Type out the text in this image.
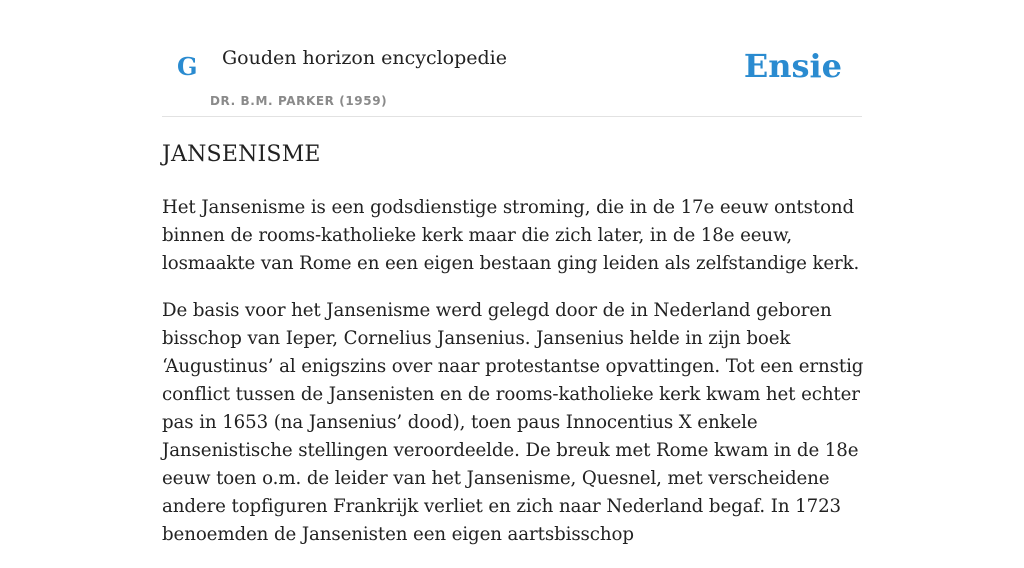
G Gouden horizon encyclopedie
DR. B.M. PARKER (1959)
Ensie
JANSENISME

Het Jansenisme is een godsdienstige stroming, die in de 17e eeuw ontstond binnen de rooms-katholieke kerk maar die zich later, in de 18e eeuw, losmaakte van Rome en een eigen bestaan ging leiden als zelfstandige kerk.

De basis voor het Jansenisme werd gelegd door de in Nederland geboren bisschop van Ieper, Cornelius Jansenius. Jansenius helde in zijn boek ‘Augustinus’ al enigszins over naar protestantse opvattingen. Tot een ernstig conflict tussen de Jansenisten en de rooms-katholieke kerk kwam het echter pas in 1653 (na Jansenius’ dood), toen paus Innocentius X enkele Jansenistische stellingen veroordeelde. De breuk met Rome kwam in de 18e eeuw toen o.m. de leider van het Jansenisme, Quesnel, met verscheidene andere topfiguren Frankrijk verliet en zich naar Nederland begaf. In 1723 benoemden de Jansenisten een eigen aartsbisschop
